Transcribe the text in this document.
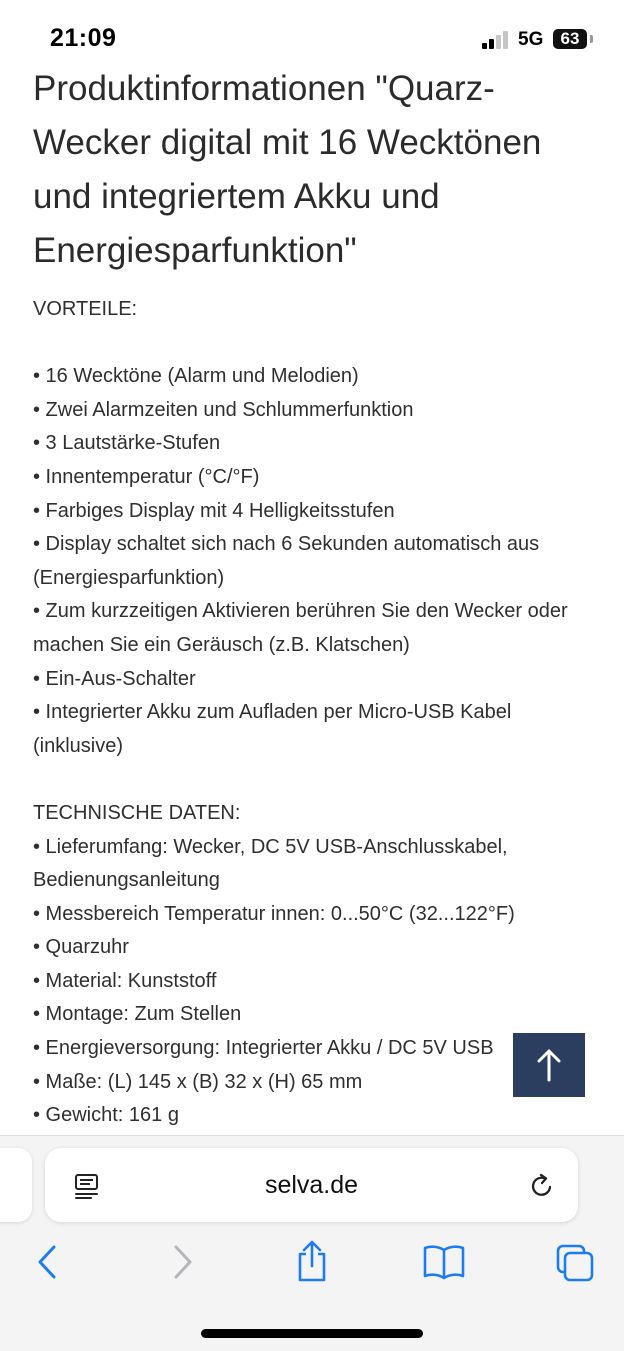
21:09	5G	63
Produktinformationen "Quarz-Wecker digital mit 16 Wecktönen und integriertem Akku und Energiesparfunktion"
VORTEILE:
• 16 Wecktöne (Alarm und Melodien)
• Zwei Alarmzeiten und Schlummerfunktion
• 3 Lautstärke-Stufen
• Innentemperatur (°C/°F)
• Farbiges Display mit 4 Helligkeitsstufen
• Display schaltet sich nach 6 Sekunden automatisch aus (Energiesparfunktion)
• Zum kurzzeitigen Aktivieren berühren Sie den Wecker oder machen Sie ein Geräusch (z.B. Klatschen)
• Ein-Aus-Schalter
• Integrierter Akku zum Aufladen per Micro-USB Kabel (inklusive)
TECHNISCHE DATEN:
• Lieferumfang: Wecker, DC 5V USB-Anschlusskabel, Bedienungsanleitung
• Messbereich Temperatur innen: 0...50°C (32...122°F)
• Quarzuhr
• Material: Kunststoff
• Montage: Zum Stellen
• Energieversorgung: Integrierter Akku / DC 5V USB
• Maße: (L) 145 x (B) 32 x (H) 65 mm
• Gewicht: 161 g
selva.de
